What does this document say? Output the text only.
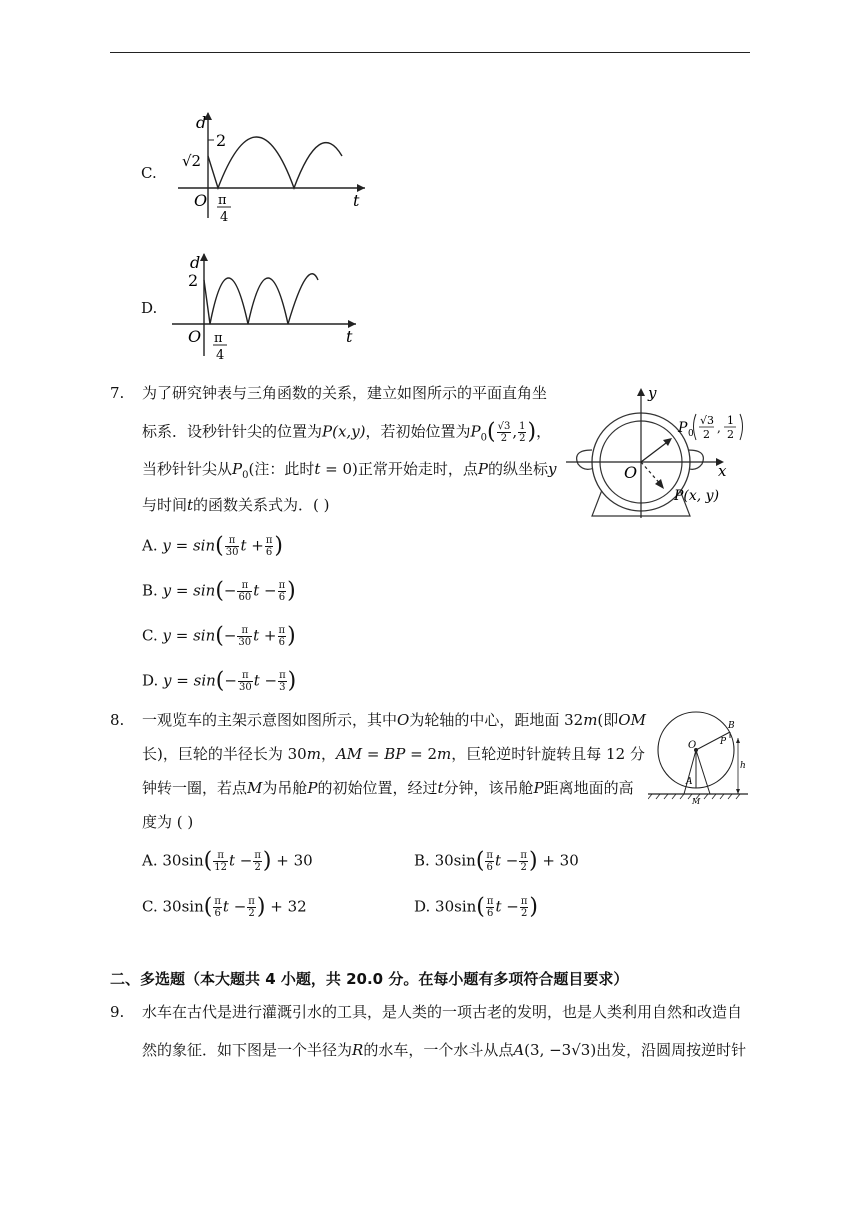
C.
d
2
√2
O π
4
t
D.
d
2
O π
4
t
7. 为了研究钟表与三角函数的关系，建立如图所示的平面直角坐
标系．设秒针针尖的位置为P(x,y)，若初始位置为$P_0( \frac{√3}{2}$ , $\frac{1}{2}$ )，
当秒针针尖从$P_0$(注：此时t = 0)正常开始走时，点P的纵坐标y
与时间t的函数关系式为．( )
y
x
O
P 0
√3
2 ,
1
2
P(x, y)
A. $y = \sin( \frac{\pi}{30}$ $t + \frac{\pi}{6}$ )
B. $y = \sin(- \frac{\pi}{60}$ $t - \frac{\pi}{6}$ )
C. $y = \sin(- \frac{\pi}{30}$ $t + \frac{\pi}{6}$ )
D. $y = \sin(- \frac{\pi}{30}$ $t - \frac{\pi}{3}$ )
8. 一观览车的主架示意图如图所示，其中O为轮轴的中心，距地面 32m(即OM
长)，巨轮的半径长为 30m，AM = BP = 2m，巨轮逆时针旋转且每 12 分
钟转一圈，若点M为吊舱P的初始位置，经过t分钟，该吊舱P距离地面的高
度为 ( )
B
P
O
h
A
M
A. $30\sin( \frac{\pi}{12}$ $t - \frac{\pi}{2}$ ) + 30	B. $30\sin( \frac{\pi}{6}$ $t - \frac{\pi}{2}$ ) + 30
C. $30\sin( \frac{\pi}{6}$ $t - \frac{\pi}{2}$ ) + 32	D. $30\sin( \frac{\pi}{6}$ $t - \frac{\pi}{2}$ )
二、多选题（本大题共 4 小题，共 20.0 分。在每小题有多项符合题目要求）
9. 水车在古代是进行灌溉引水的工具，是人类的一项古老的发明，也是人类利用自然和改造自
然的象征．如下图是一个半径为R的水车，一个水斗从点A(3, −3√3)出发，沿圆周按逆时针
